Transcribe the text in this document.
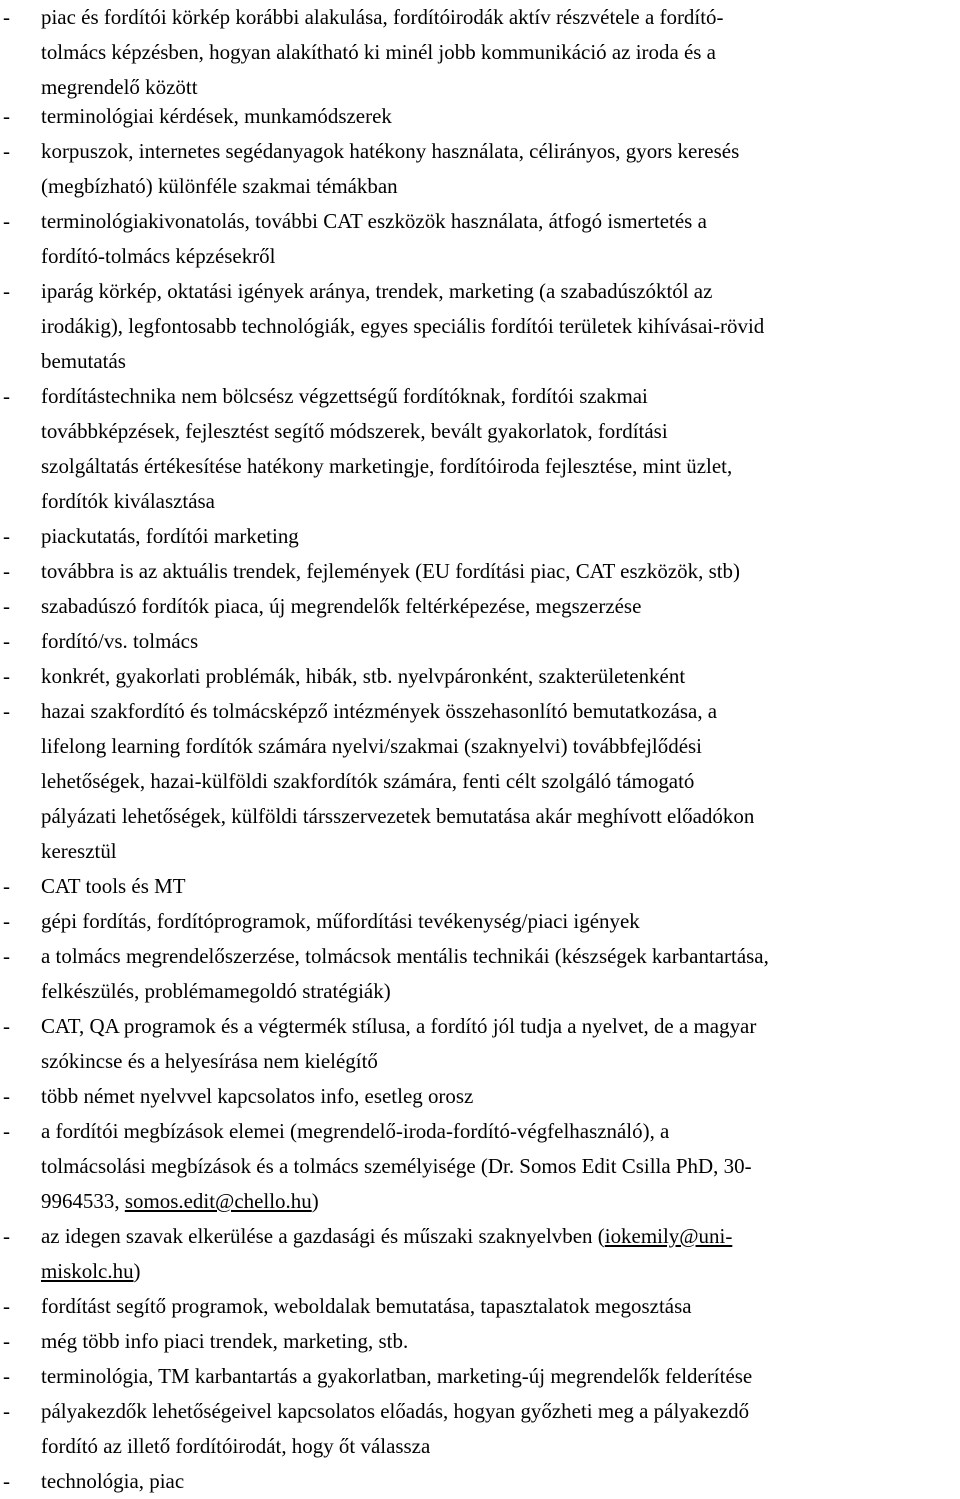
- piac és fordítói körkép korábbi alakulása, fordítóirodák aktív részvétele a fordító-
tolmács képzésben, hogyan alakítható ki minél jobb kommunikáció az iroda és a
megrendelő között
- terminológiai kérdések, munkamódszerek
- korpuszok, internetes segédanyagok hatékony használata, célirányos, gyors keresés
(megbízható) különféle szakmai témákban
- terminológiakivonatolás, további CAT eszközök használata, átfogó ismertetés a
fordító-tolmács képzésekről
- iparág körkép, oktatási igények aránya, trendek, marketing (a szabadúszóktól az
irodákig), legfontosabb technológiák, egyes speciális fordítói területek kihívásai-rövid
bemutatás
- fordítástechnika nem bölcsész végzettségű fordítóknak, fordítói szakmai
továbbképzések, fejlesztést segítő módszerek, bevált gyakorlatok, fordítási
szolgáltatás értékesítése hatékony marketingje, fordítóiroda fejlesztése, mint üzlet,
fordítók kiválasztása
- piackutatás, fordítói marketing
- továbbra is az aktuális trendek, fejlemények (EU fordítási piac, CAT eszközök, stb)
- szabadúszó fordítók piaca, új megrendelők feltérképezése, megszerzése
- fordító/vs. tolmács
- konkrét, gyakorlati problémák, hibák, stb. nyelvpáronként, szakterületenként
- hazai szakfordító és tolmácsképző intézmények összehasonlító bemutatkozása, a
lifelong learning fordítók számára nyelvi/szakmai (szaknyelvi) továbbfejlődési
lehetőségek, hazai-külföldi szakfordítók számára, fenti célt szolgáló támogató
pályázati lehetőségek, külföldi társszervezetek bemutatása akár meghívott előadókon
keresztül
- CAT tools és MT
- gépi fordítás, fordítóprogramok, műfordítási tevékenység/piaci igények
- a tolmács megrendelőszerzése, tolmácsok mentális technikái (készségek karbantartása,
felkészülés, problémamegoldó stratégiák)
- CAT, QA programok és a végtermék stílusa, a fordító jól tudja a nyelvet, de a magyar
szókincse és a helyesírása nem kielégítő
- több német nyelvvel kapcsolatos info, esetleg orosz
- a fordítói megbízások elemei (megrendelő-iroda-fordító-végfelhasználó), a
tolmácsolási megbízások és a tolmács személyisége (Dr. Somos Edit Csilla PhD, 30-
9964533, somos.edit@chello.hu)
- az idegen szavak elkerülése a gazdasági és műszaki szaknyelvben (iokemily@uni-
miskolc.hu)
- fordítást segítő programok, weboldalak bemutatása, tapasztalatok megosztása
- még több info piaci trendek, marketing, stb.
- terminológia, TM karbantartás a gyakorlatban, marketing-új megrendelők felderítése
- pályakezdők lehetőségeivel kapcsolatos előadás, hogyan győzheti meg a pályakezdő
fordító az illető fordítóirodát, hogy őt válassza
- technológia, piac
